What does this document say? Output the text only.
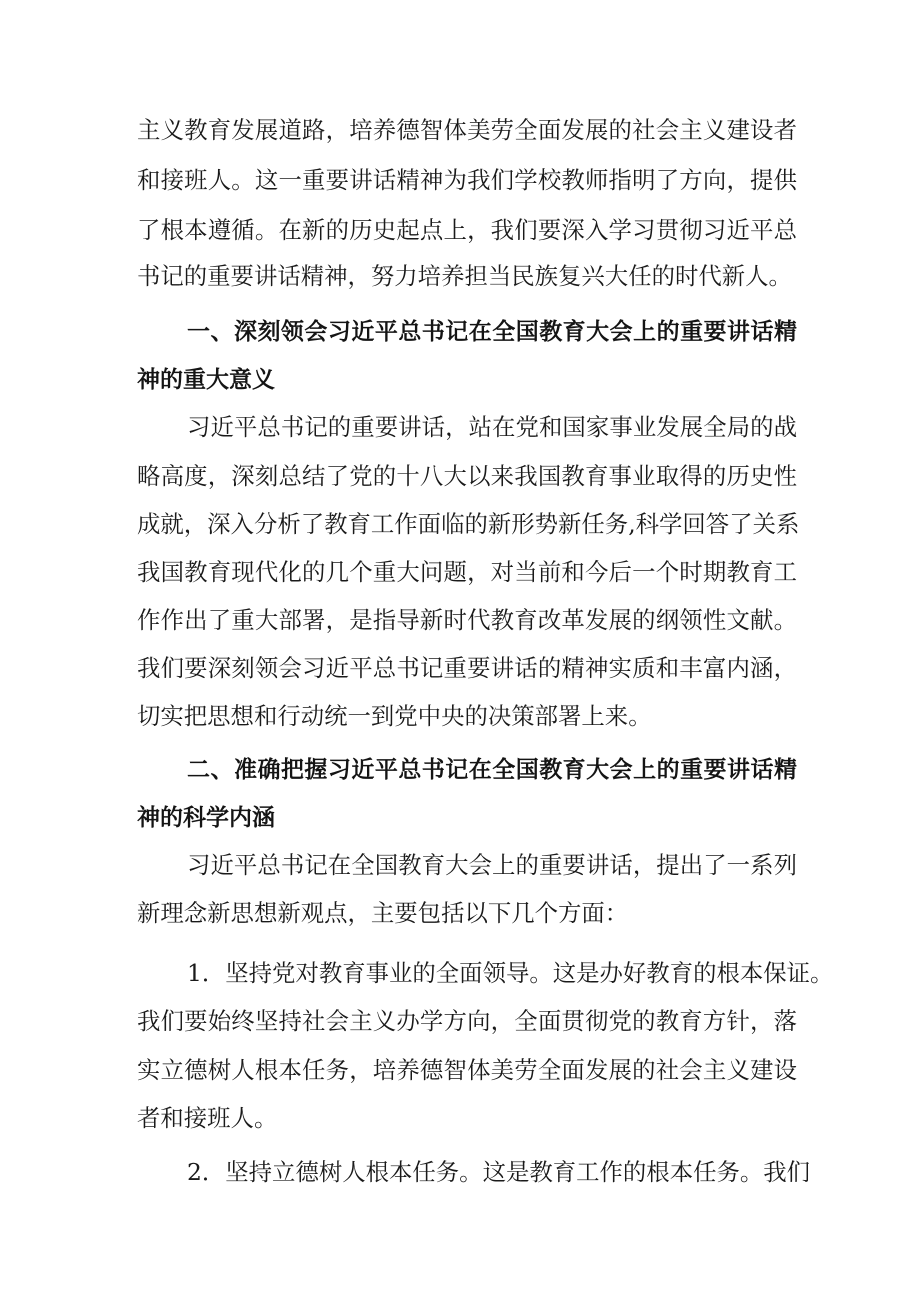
主义教育发展道路，培养德智体美劳全面发展的社会主义建设者
和接班人。这一重要讲话精神为我们学校教师指明了方向，提供
了根本遵循。在新的历史起点上，我们要深入学习贯彻习近平总
书记的重要讲话精神，努力培养担当民族复兴大任的时代新人。
一、深刻领会习近平总书记在全国教育大会上的重要讲话精
神的重大意义
习近平总书记的重要讲话，站在党和国家事业发展全局的战
略高度，深刻总结了党的十八大以来我国教育事业取得的历史性
成就，深入分析了教育工作面临的新形势新任务,科学回答了关系
我国教育现代化的几个重大问题，对当前和今后一个时期教育工
作作出了重大部署，是指导新时代教育改革发展的纲领性文献。
我们要深刻领会习近平总书记重要讲话的精神实质和丰富内涵，
切实把思想和行动统一到党中央的决策部署上来。
二、准确把握习近平总书记在全国教育大会上的重要讲话精
神的科学内涵
习近平总书记在全国教育大会上的重要讲话，提出了一系列
新理念新思想新观点，主要包括以下几个方面：
1．坚持党对教育事业的全面领导。这是办好教育的根本保证。
我们要始终坚持社会主义办学方向，全面贯彻党的教育方针，落
实立德树人根本任务，培养德智体美劳全面发展的社会主义建设
者和接班人。
2．坚持立德树人根本任务。这是教育工作的根本任务。我们
